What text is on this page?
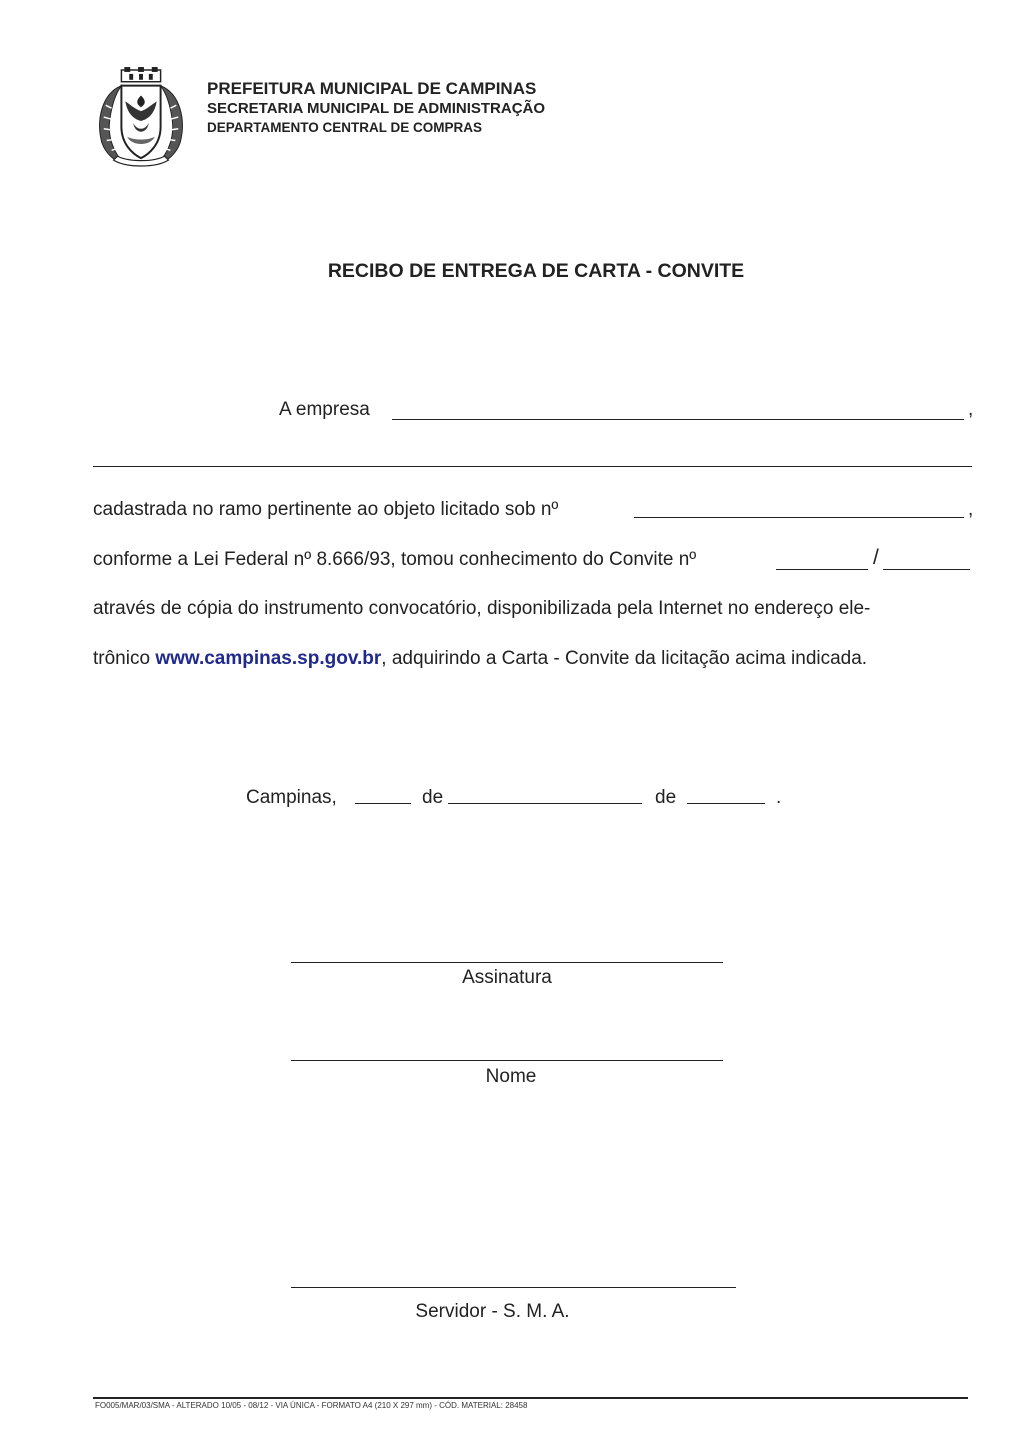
PREFEITURA MUNICIPAL DE CAMPINAS
SECRETARIA MUNICIPAL DE ADMINISTRAÇÃO
DEPARTAMENTO CENTRAL DE COMPRAS
RECIBO DE ENTREGA DE CARTA - CONVITE
A empresa	,
cadastrada no ramo pertinente ao objeto licitado sob nº	,
conforme a Lei Federal nº 8.666/93, tomou conhecimento do Convite nº	/
através de cópia do instrumento convocatório, disponibilizada pela Internet no endereço ele-
trônico www.campinas.sp.gov.br, adquirindo a Carta - Convite da licitação acima indicada.
Campinas,	de	de	.
Assinatura
Nome
Servidor - S. M. A.
FO005/MAR/03/SMA - ALTERADO 10/05 - 08/12 - VIA ÚNICA - FORMATO A4 (210 X 297 mm) - CÓD. MATERIAL: 28458
